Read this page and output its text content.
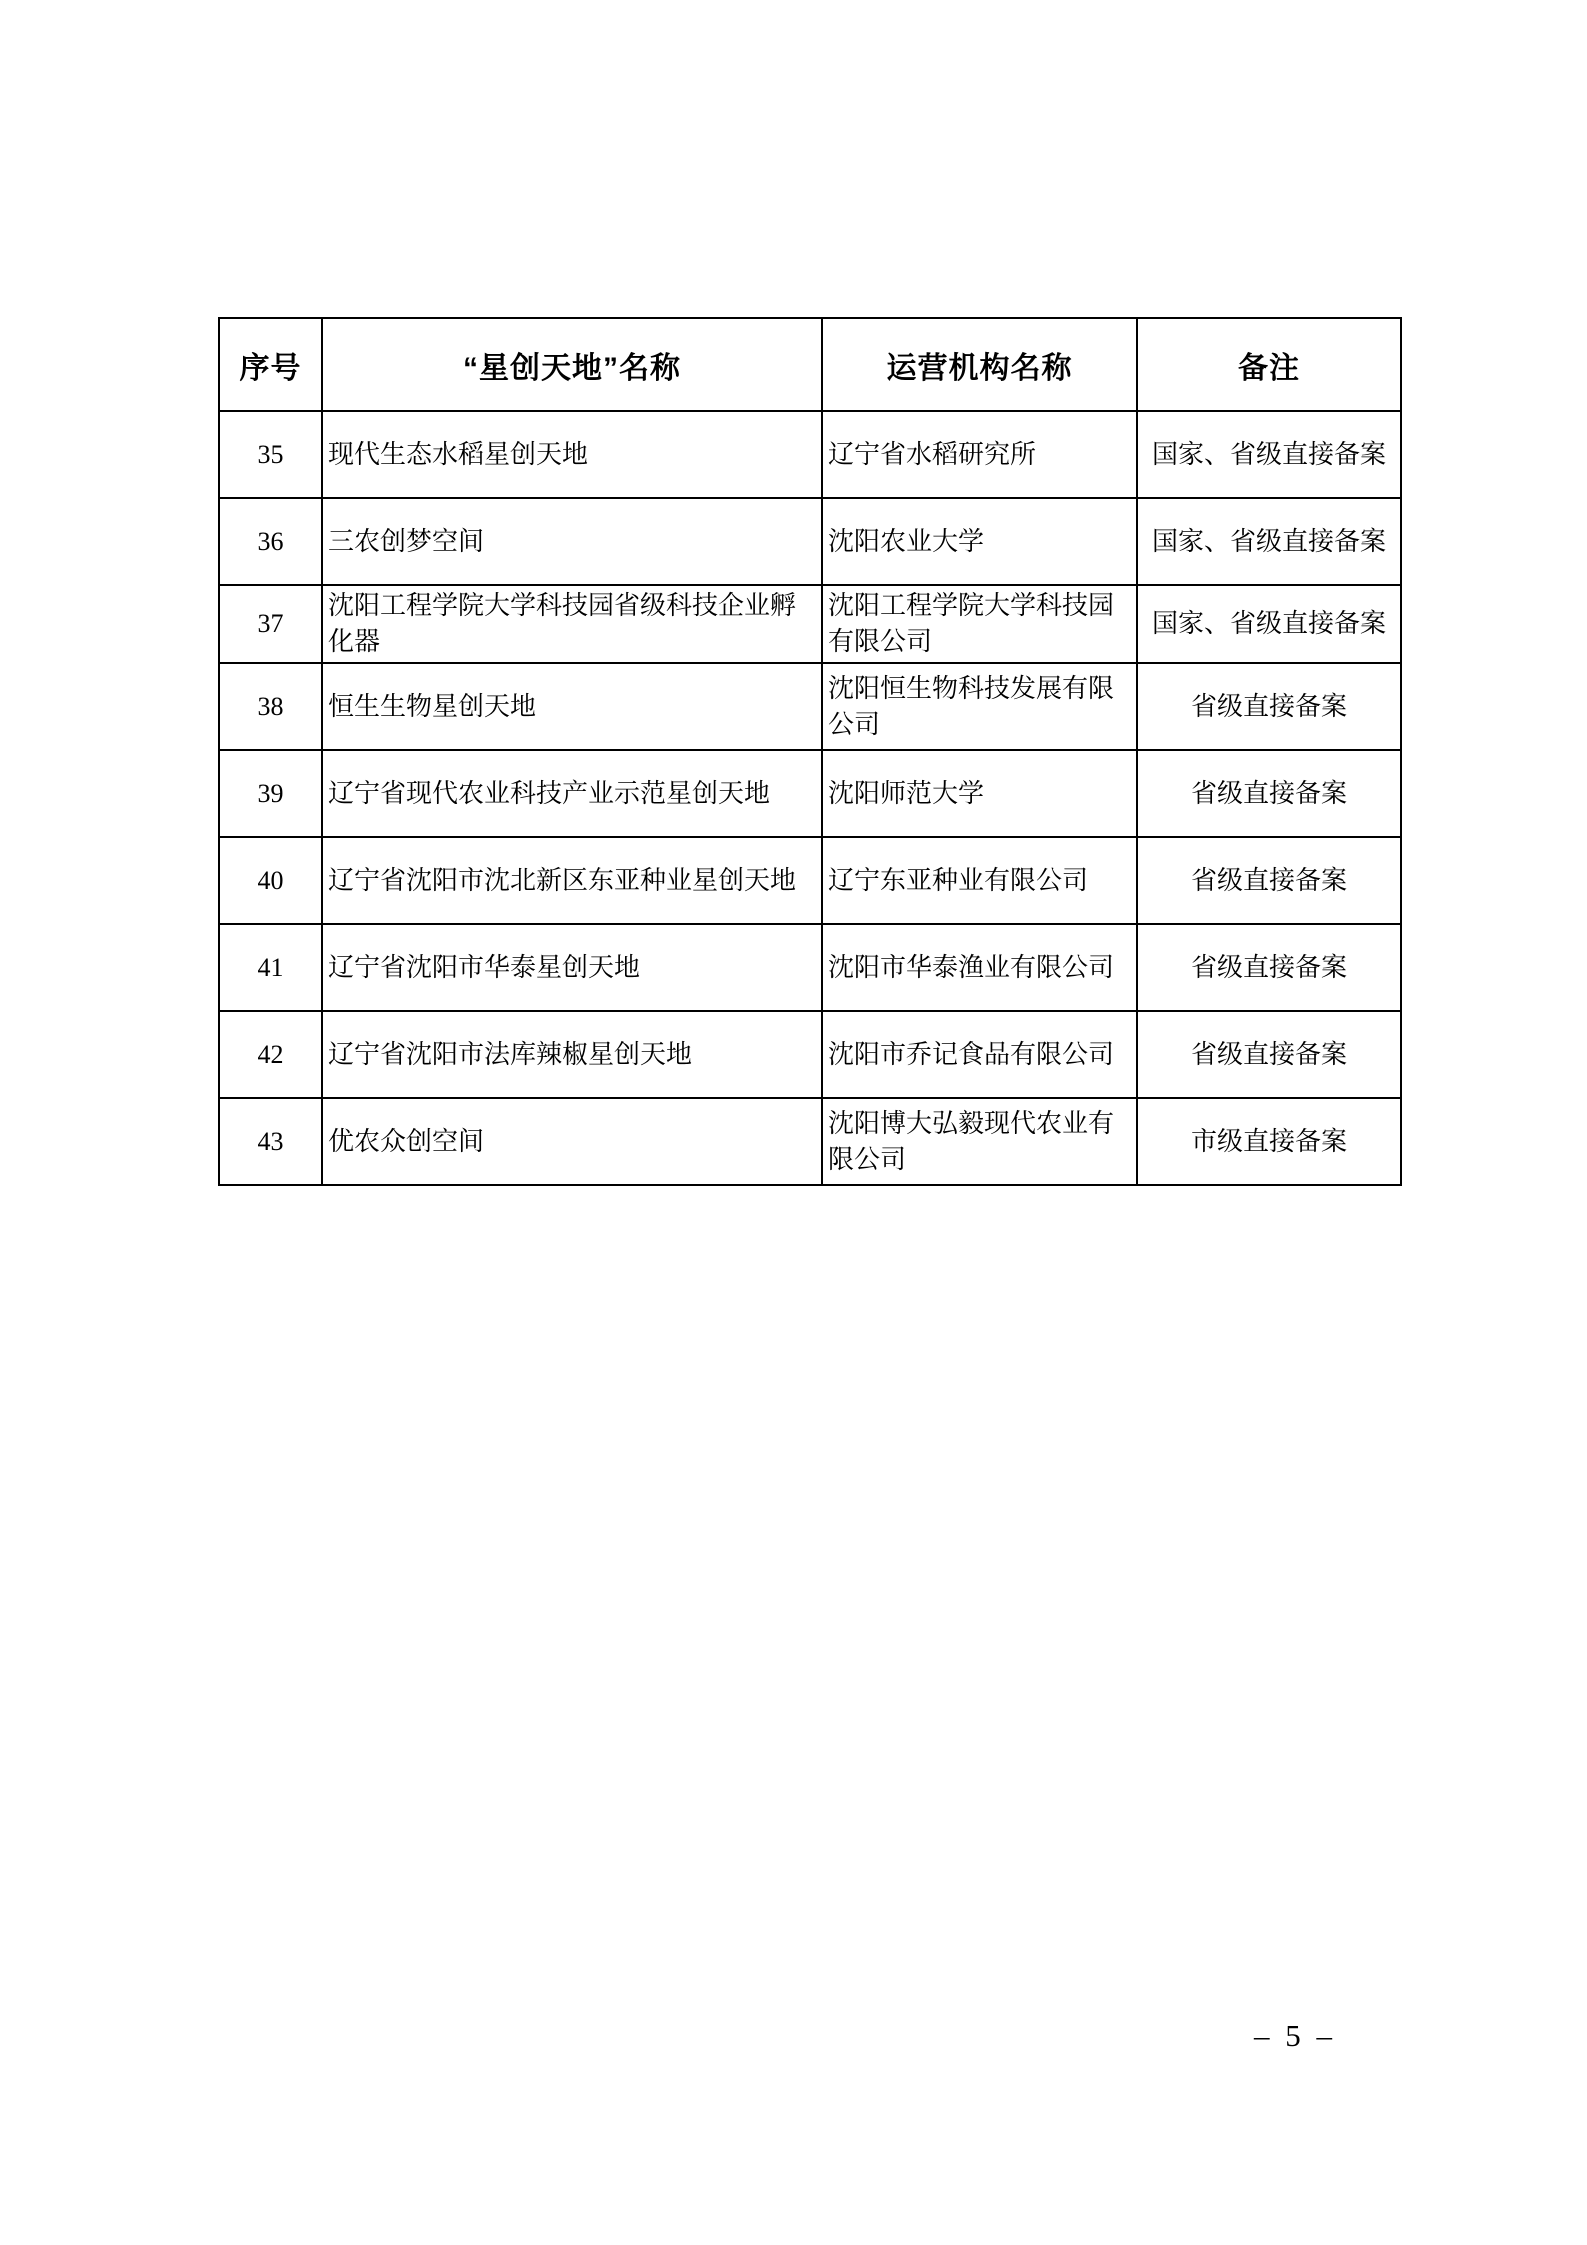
序号	“星创天地”名称	运营机构名称	备注
35	现代生态水稻星创天地	辽宁省水稻研究所	国家、省级直接备案
36	三农创梦空间	沈阳农业大学	国家、省级直接备案
37	沈阳工程学院大学科技园省级科技企业孵化器	沈阳工程学院大学科技园有限公司	国家、省级直接备案
38	恒生生物星创天地	沈阳恒生物科技发展有限公司	省级直接备案
39	辽宁省现代农业科技产业示范星创天地	沈阳师范大学	省级直接备案
40	辽宁省沈阳市沈北新区东亚种业星创天地	辽宁东亚种业有限公司	省级直接备案
41	辽宁省沈阳市华泰星创天地	沈阳市华泰渔业有限公司	省级直接备案
42	辽宁省沈阳市法库辣椒星创天地	沈阳市乔记食品有限公司	省级直接备案
43	优农众创空间	沈阳博大弘毅现代农业有限公司	市级直接备案
– 5 –
